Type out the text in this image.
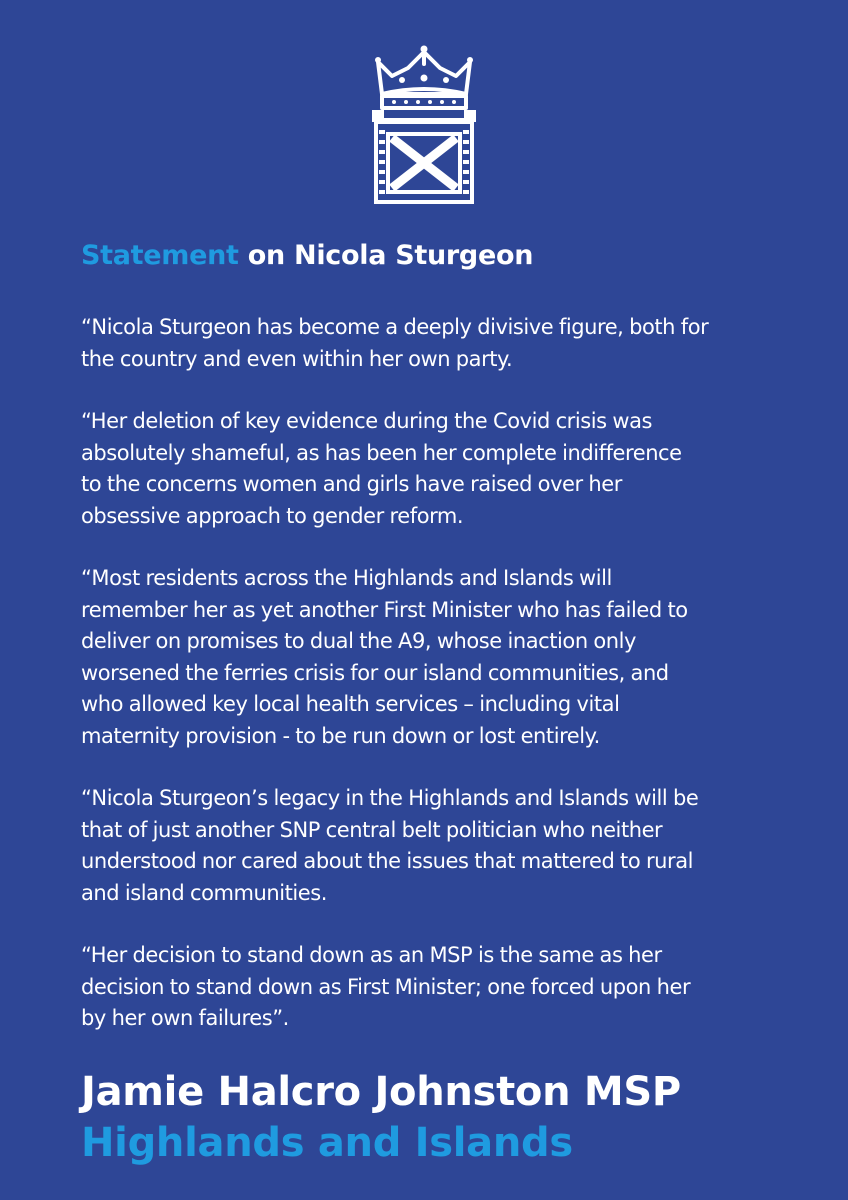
Statement on Nicola Sturgeon

“Nicola Sturgeon has become a deeply divisive figure, both for
the country and even within her own party.

“Her deletion of key evidence during the Covid crisis was
absolutely shameful, as has been her complete indifference
to the concerns women and girls have raised over her
obsessive approach to gender reform.

“Most residents across the Highlands and Islands will
remember her as yet another First Minister who has failed to
deliver on promises to dual the A9, whose inaction only
worsened the ferries crisis for our island communities, and
who allowed key local health services – including vital
maternity provision - to be run down or lost entirely.

“Nicola Sturgeon’s legacy in the Highlands and Islands will be
that of just another SNP central belt politician who neither
understood nor cared about the issues that mattered to rural
and island communities.

“Her decision to stand down as an MSP is the same as her
decision to stand down as First Minister; one forced upon her
by her own failures”.

Jamie Halcro Johnston MSP
Highlands and Islands
